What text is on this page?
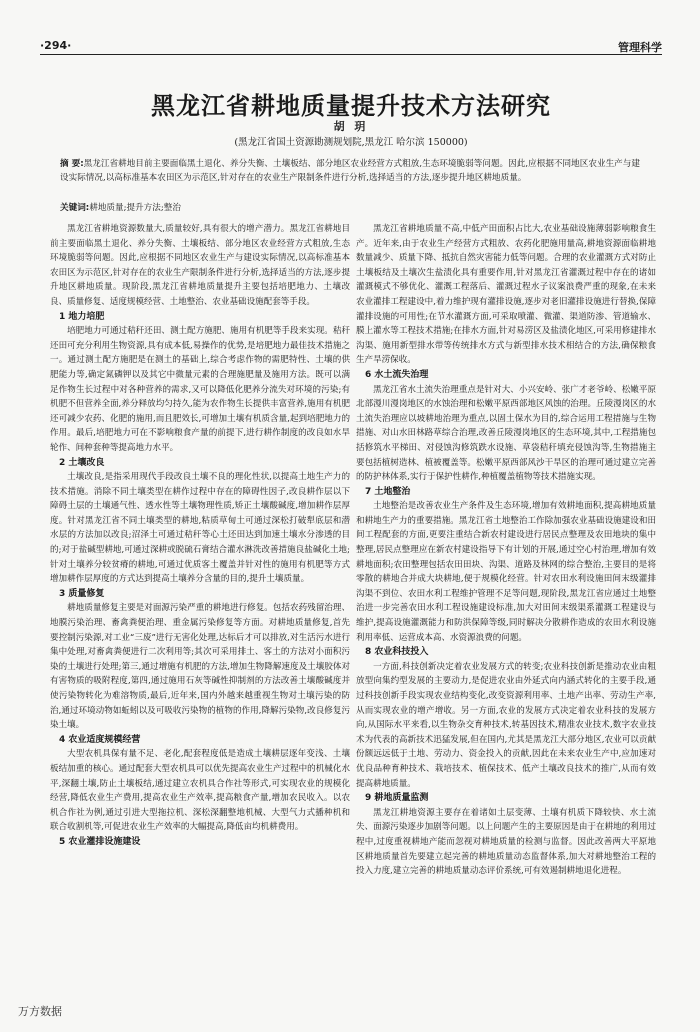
·294·	管理科学
黑龙江省耕地质量提升技术方法研究
胡 玥
(黑龙江省国土资源勘测规划院,黑龙江 哈尔滨 150000)
摘 要:黑龙江省耕地目前主要面临黑土退化、养分失衡、土壤板结、部分地区农业经营方式粗放,生态环境脆弱等问题。因此,应根据不同地区农业生产与建设实际情况,以高标准基本农田区为示范区,针对存在的农业生产限制条件进行分析,选择适当的方法,逐步提升地区耕地质量。
关键词:耕地质量;提升方法;整治

黑龙江省耕地资源数量大,质量较好,具有很大的增产潜力。黑龙江省耕地目前主要面临黑土退化、养分失衡、土壤板结、部分地区农业经营方式粗放,生态环境脆弱等问题。因此,应根据不同地区农业生产与建设实际情况,以高标准基本农田区为示范区,针对存在的农业生产限制条件进行分析,选择适当的方法,逐步提升地区耕地质量。现阶段,黑龙江省耕地质量提升主要包括培肥地力、土壤改良、质量修复、适度规模经营、土地整治、农业基础设施配套等手段。

1 地力培肥

培肥地力可通过秸秆还田、测土配方施肥、施用有机肥等手段来实现。秸秆还田可充分利用生物资源,具有成本低,易操作的优势,是培肥地力最佳技术措施之一。通过测土配方施肥是在测土的基础上,综合考虑作物的需肥特性、土壤的供肥能力等,确定氮磷钾以及其它中微量元素的合理施肥量及施用方法。既可以满足作物生长过程中对各种营养的需求,又可以降低化肥养分流失对环境的污染;有机肥不但营养全面,养分释放均匀持久,能为农作物生长提供丰富营养,施用有机肥还可减少农药、化肥的施用,而且肥效长,可增加土壤有机质含量,起到培肥地力的作用。最后,培肥地力可在不影响粮食产量的前提下,进行耕作制度的改良如水旱轮作、间种套种等提高地力水平。

2 土壤改良

土壤改良,是指采用现代手段改良土壤不良的理化性状,以提高土地生产力的技术措施。消除不同土壤类型在耕作过程中存在的障碍性因子,改良耕作层以下障碍土层的土壤通气性、透水性等土壤物理性质,矫正土壤酸碱度,增加耕作层厚度。针对黑龙江省不同土壤类型的耕地,粘质草甸土可通过深松打破犁底层和潜水层的方法加以改良;沼泽土可通过秸秆等心土还田达到加速土壤水分渗透的目的;对于盐碱型耕地,可通过深耕或脱硫石膏结合灌水淋洗改善措施良盐碱化土地;针对土壤养分较贫瘠的耕地,可通过优质客土覆盖并针对性的施用有机肥等方式增加耕作层厚度的方式达到提高土壤养分含量的目的,提升土壤质量。

3 质量修复

耕地质量修复主要是对面源污染严重的耕地进行修复。包括农药残留治理、地膜污染治理、畜禽粪便治理、重金属污染修复等方面。对耕地质量修复,首先要控制污染源,对工业“三废”进行无害化处理,达标后才可以排放,对生活污水进行集中处理,对畜禽粪便进行二次利用等;其次可采用排土、客土的方法对小面积污染的土壤进行处理;第三,通过增施有机肥的方法,增加生物降解速度及土壤胶体对有害物质的吸附程度,第四,通过施用石灰等碱性抑制剂的方法改善土壤酸碱度并使污染物转化为难溶物质,最后,近年来,国内外越来越重视生物对土壤污染的防治,通过环境动物如蚯蚓以及可吸收污染物的植物的作用,降解污染物,改良修复污染土壤。

4 农业适度规模经营

大型农机具保有量不足、老化,配套程度低是造成土壤耕层逐年变浅、土壤板结加重的核心。通过配套大型农机具可以优先提高农业生产过程中的机械化水平,深翻土壤,防止土壤板结,通过建立农机具合作社等形式,可实现农业的规模化经营,降低农业生产费用,提高农业生产效率,提高粮食产量,增加农民收入。以农机合作社为例,通过引进大型拖拉机、深松深翻整地机械、大型气力式播种机和联合收割机等,可促进农业生产效率的大幅提高,降低亩均机耕费用。

5 农业灌排设施建设

黑龙江省耕地质量不高,中低产田面积占比大,农业基础设施薄弱影响粮食生产。近年来,由于农业生产经营方式粗放、农药化肥施用量高,耕地资源面临耕地数量减少、质量下降、抵抗自然灾害能力低等问题。合理的农业灌溉方式对防止土壤板结及土壤次生盐渍化具有重要作用,针对黑龙江省灌溉过程中存在的诸如灌溉模式不够优化、灌溉工程落后、灌溉过程水子议案浪费严重的现象,在未来农业灌排工程建设中,着力维护现有灌排设施,逐步对老旧灌排设施进行替换,保障灌排设施的可用性;在节水灌溉方面,可采取喷灌、微灌、渠道防渗、管道输水、膜上灌水等工程技术措施;在排水方面,针对易涝区及盐渍化地区,可采用修建排水沟渠、施用新型排水带等传统排水方式与新型排水技术相结合的方法,确保粮食生产旱涝保收。

6 水土流失治理

黑龙江省水土流失治理重点是针对大、小兴安岭、张广才老爷岭、松嫩平原北部漫川漫岗地区的水蚀治理和松嫩平原西部地区风蚀的治理。丘陵漫岗区的水土流失治理应以坡耕地治理为重点,以固土保水为目的,综合运用工程措施与生物措施、对山水田林路草综合治理,改善丘陵漫岗地区的生态环境,其中,工程措施包括修筑水平梯田、对侵蚀沟修筑跌水设施、草袋秸秆填充侵蚀沟等,生物措施主要包括植树造林、植被覆盖等。松嫩平原西部风沙干旱区的治理可通过建立完善的防护林体系,实行于保护性耕作,种植覆盖植物等技术措施实现。

7 土地整治

土地整治是改善农业生产条件及生态环境,增加有效耕地面积,提高耕地质量和耕地生产力的重要措施。黑龙江省土地整治工作除加强农业基础设施建设和田间工程配套的方面,更要注重结合新农村建设进行居民点整理及农田地块的集中整理,居民点整理应在新农村建设指导下有计划的开展,通过空心村治理,增加有效耕地面积;农田整理包括农田田块、沟渠、道路及林网的综合整治,主要目的是将零散的耕地合并成大块耕地,便于规模化经营。针对农田水利设施田间末级灌排沟渠不到位、农田水利工程维护管理不足等问题,现阶段,黑龙江省应通过土地整治进一步完善农田水利工程设施建设标准,加大对田间末级渠系灌溉工程建设与维护,提高设施灌溉能力和防洪保障等级,同时解决分散耕作造成的农田水利设施利用率低、运营成本高、水资源浪费的问题。

8 农业科技投入

一方面,科技创新决定着农业发展方式的转变;农业科技创新是推动农业由粗放型向集约型发展的主要动力,是促进农业由外延式向内涵式转化的主要手段,通过科技创新手段实现农业结构变化,改变资源利用率、土地产出率、劳动生产率,从而实现农业的增产增收。另一方面,农业的发展方式决定着农业科技的发展方向,从国际水平来看,以生物杂交育种技术,转基因技术,精准农业技术,数字农业技术为代表的高新技术迅猛发展,但在国内,尤其是黑龙江大部分地区,农业可以贡献份额远远低于土地、劳动力、资金投入的贡献,因此在未来农业生产中,应加速对优良品种育种技术、栽培技术、植保技术、低产土壤改良技术的推广,从而有效提高耕地质量。

9 耕地质量监测

黑龙江耕地资源主要存在着诸如土层变薄、土壤有机质下降较快、水土流失、面源污染逐步加剧等问题。以上问题产生的主要原因是由于在耕地的利用过程中,过度重视耕地产能而忽视对耕地质量的检测与监督。因此改善两大平原地区耕地质量首先要建立起完善的耕地质量动态监督体系,加大对耕地整治工程的投入力度,建立完善的耕地质量动态评价系统,可有效遏制耕地退化进程。

万方数据
